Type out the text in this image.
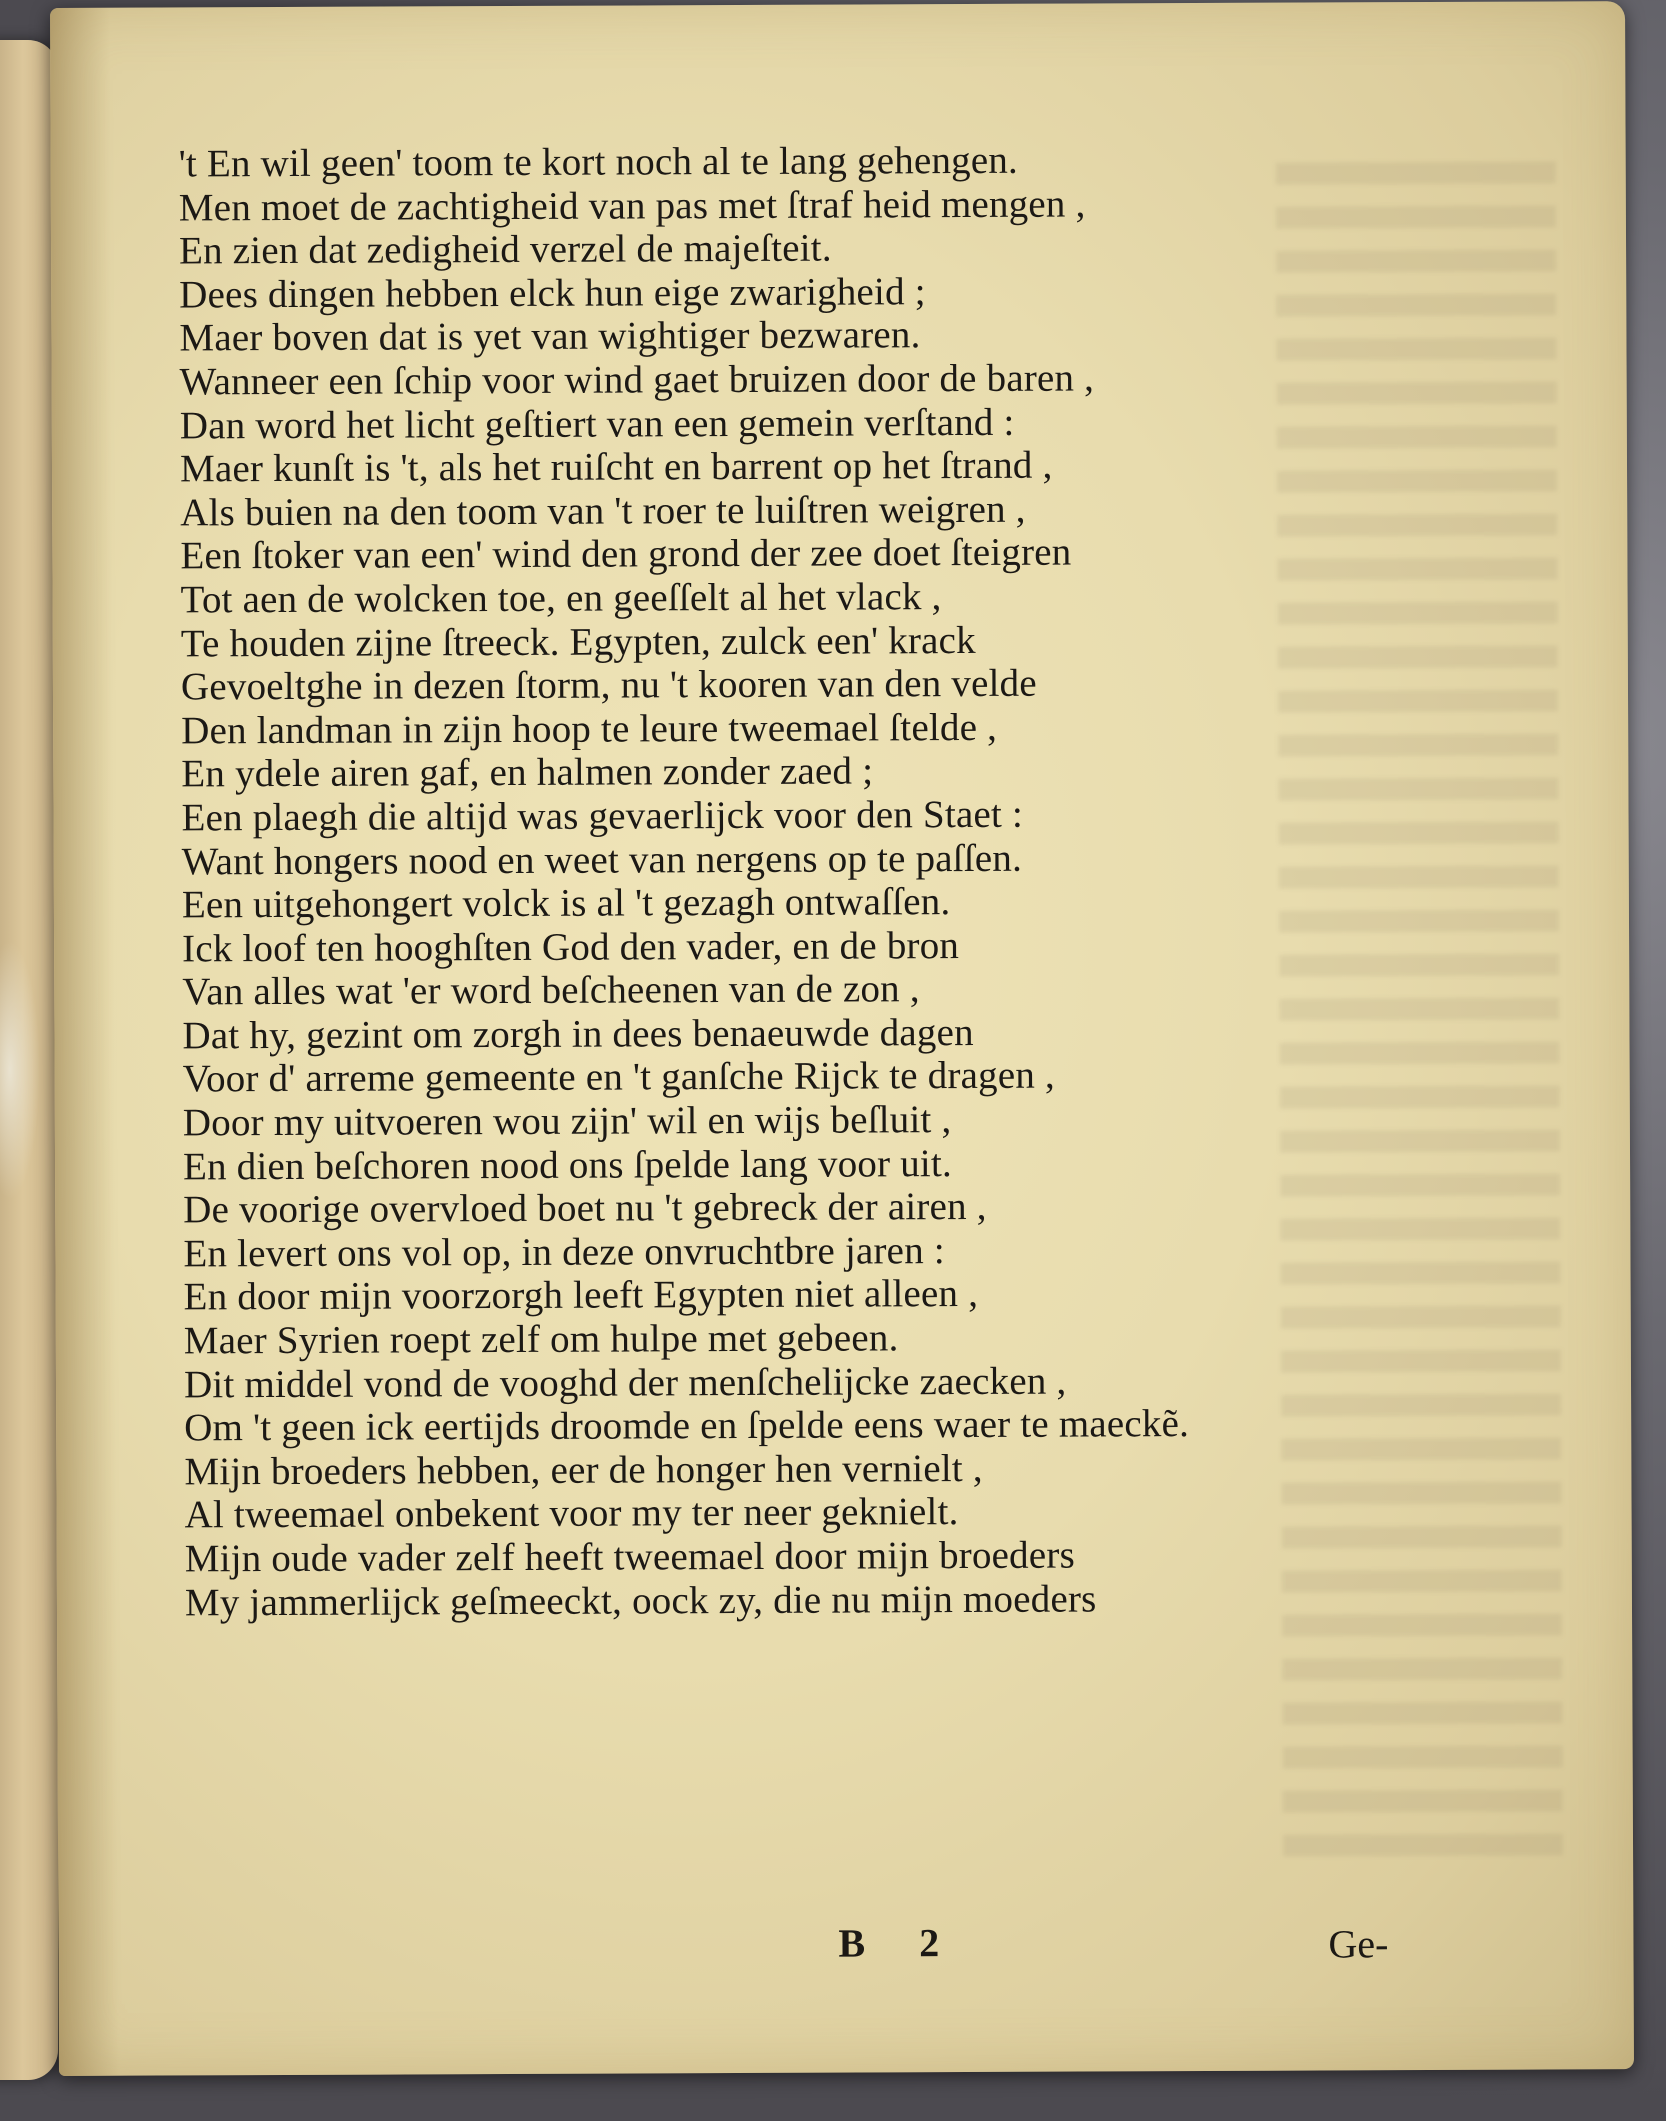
't En wil geen' toom te kort noch al te lang gehengen.
Men moet de zachtigheid van pas met ſtraf heid mengen ,
En zien dat zedigheid verzel de majeſteit.
Dees dingen hebben elck hun eige zwarigheid ;
Maer boven dat is yet van wightiger bezwaren.
Wanneer een ſchip voor wind gaet bruizen door de baren ,
Dan word het licht geſtiert van een gemein verſtand :
Maer kunſt is 't, als het ruiſcht en barrent op het ſtrand ,
Als buien na den toom van 't roer te luiſtren weigren ,
Een ſtoker van een' wind den grond der zee doet ſteigren
Tot aen de wolcken toe, en geeſſelt al het vlack ,
Te houden zijne ſtreeck. Egypten, zulck een' krack
Gevoeltghe in dezen ſtorm, nu 't kooren van den velde
Den landman in zijn hoop te leure tweemael ſtelde ,
En ydele airen gaf, en halmen zonder zaed ;
Een plaegh die altijd was gevaerlijck voor den Staet :
Want hongers nood en weet van nergens op te paſſen.
Een uitgehongert volck is al 't gezagh ontwaſſen.
Ick loof ten hooghſten God den vader, en de bron
Van alles wat 'er word beſcheenen van de zon ,
Dat hy, gezint om zorgh in dees benaeuwde dagen
Voor d' arreme gemeente en 't ganſche Rijck te dragen ,
Door my uitvoeren wou zijn' wil en wijs beſluit ,
En dien beſchoren nood ons ſpelde lang voor uit.
De voorige overvloed boet nu 't gebreck der airen ,
En levert ons vol op, in deze onvruchtbre jaren :
En door mijn voorzorgh leeft Egypten niet alleen ,
Maer Syrien roept zelf om hulpe met gebeen.
Dit middel vond de vooghd der menſchelijcke zaecken ,
Om 't geen ick eertijds droomde en ſpelde eens waer te maeckẽ.
Mijn broeders hebben, eer de honger hen vernielt ,
Al tweemael onbekent voor my ter neer geknielt.
Mijn oude vader zelf heeft tweemael door mijn broeders
My jammerlijck geſmeeckt, oock zy, die nu mijn moeders
B 2	Ge-
